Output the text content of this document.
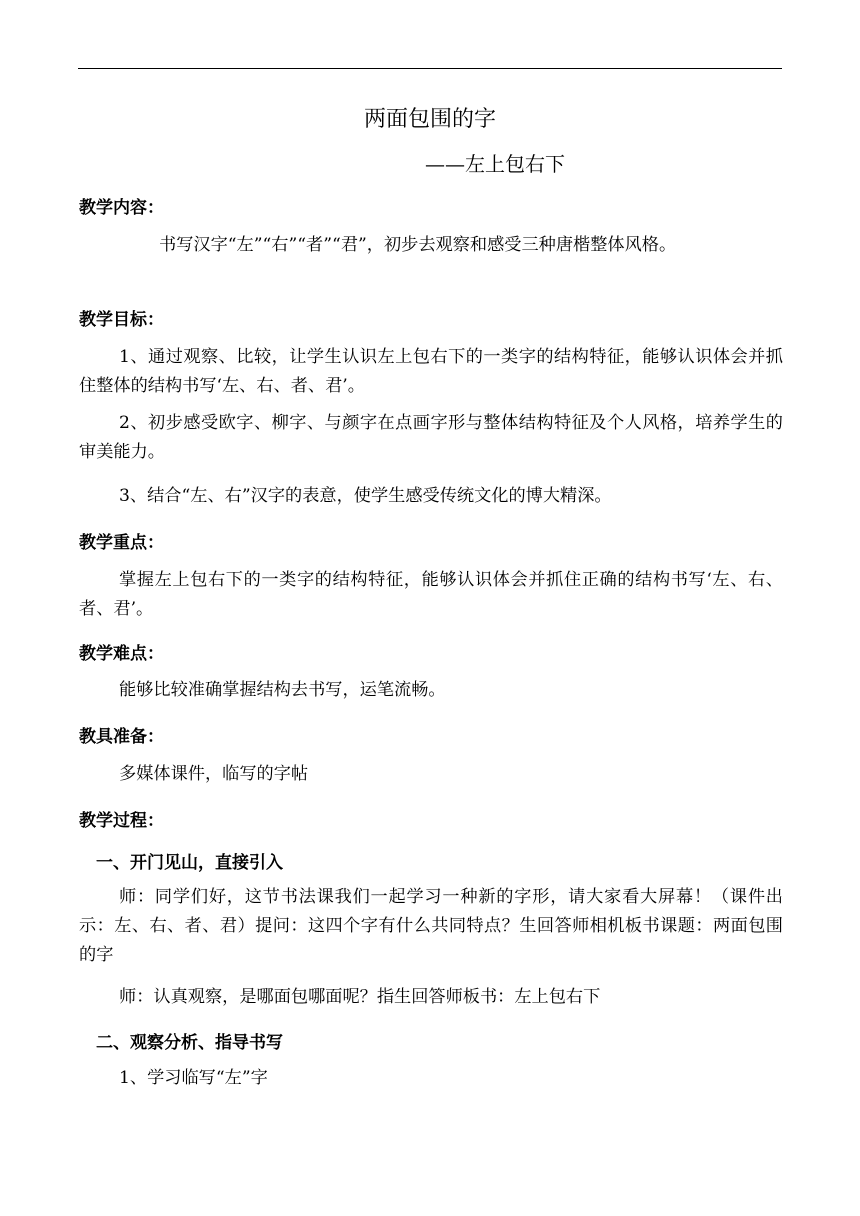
两面包围的字
——左上包右下
教学内容：
书写汉字“左”“右”“者”“君”，初步去观察和感受三种唐楷整体风格。
教学目标：
1、通过观察、比较，让学生认识左上包右下的一类字的结构特征，能够认识体会并抓住整体的结构书写‘左、右、者、君’。
2、初步感受欧字、柳字、与颜字在点画字形与整体结构特征及个人风格，培养学生的审美能力。
3、结合“左、右”汉字的表意，使学生感受传统文化的博大精深。
教学重点：
掌握左上包右下的一类字的结构特征，能够认识体会并抓住正确的结构书写‘左、右、者、君’。
教学难点：
能够比较准确掌握结构去书写，运笔流畅。
教具准备：
多媒体课件，临写的字帖
教学过程：
一、开门见山，直接引入
师：同学们好，这节书法课我们一起学习一种新的字形，请大家看大屏幕！（课件出示：左、右、者、君）提问：这四个字有什么共同特点？生回答师相机板书课题：两面包围的字
师：认真观察，是哪面包哪面呢？指生回答师板书：左上包右下
二、观察分析、指导书写
1、学习临写“左”字
